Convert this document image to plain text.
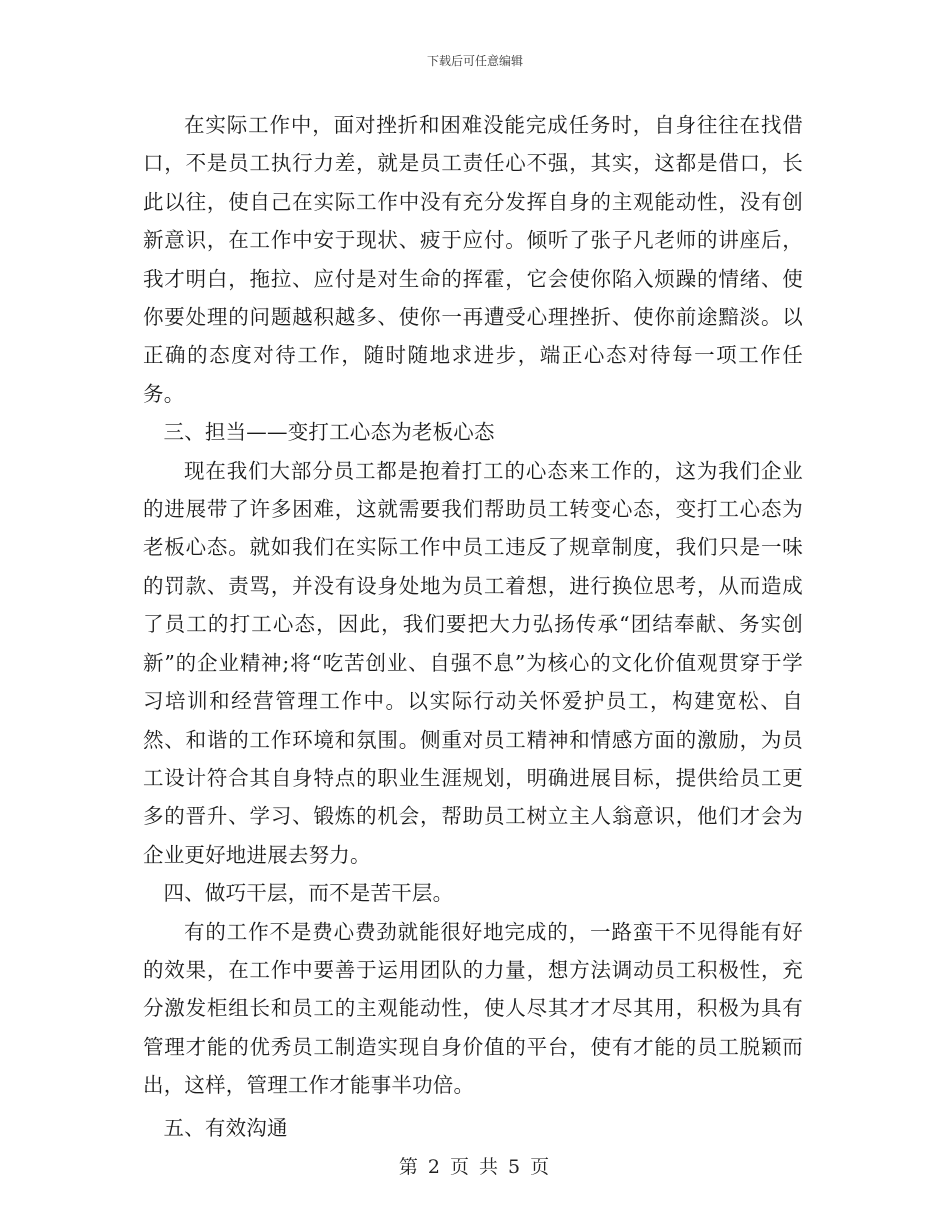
下载后可任意编辑

在实际工作中，面对挫折和困难没能完成任务时，自身往往在找借口，不是员工执行力差，就是员工责任心不强，其实，这都是借口，长此以往，使自己在实际工作中没有充分发挥自身的主观能动性，没有创新意识，在工作中安于现状、疲于应付。倾听了张子凡老师的讲座后，我才明白，拖拉、应付是对生命的挥霍，它会使你陷入烦躁的情绪、使你要处理的问题越积越多、使你一再遭受心理挫折、使你前途黯淡。以正确的态度对待工作，随时随地求进步，端正心态对待每一项工作任务。

三、担当——变打工心态为老板心态

现在我们大部分员工都是抱着打工的心态来工作的，这为我们企业的进展带了许多困难，这就需要我们帮助员工转变心态，变打工心态为老板心态。就如我们在实际工作中员工违反了规章制度，我们只是一味的罚款、责骂，并没有设身处地为员工着想，进行换位思考，从而造成了员工的打工心态，因此，我们要把大力弘扬传承“团结奉献、务实创新”的企业精神;将“吃苦创业、自强不息”为核心的文化价值观贯穿于学习培训和经营管理工作中。以实际行动关怀爱护员工，构建宽松、自然、和谐的工作环境和氛围。侧重对员工精神和情感方面的激励，为员工设计符合其自身特点的职业生涯规划，明确进展目标，提供给员工更多的晋升、学习、锻炼的机会，帮助员工树立主人翁意识，他们才会为企业更好地进展去努力。

四、做巧干层，而不是苦干层。

有的工作不是费心费劲就能很好地完成的，一路蛮干不见得能有好的效果，在工作中要善于运用团队的力量，想方法调动员工积极性，充分激发柜组长和员工的主观能动性，使人尽其才才尽其用，积极为具有管理才能的优秀员工制造实现自身价值的平台，使有才能的员工脱颖而出，这样，管理工作才能事半功倍。

五、有效沟通

第 2 页 共 5 页
